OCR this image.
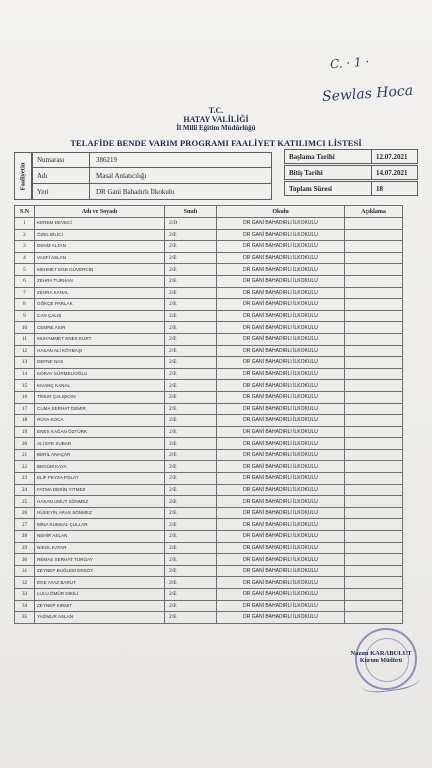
C. · 1 ·
Sewlas Hoca
T.C.
HATAY VALİLİĞİ
İl Milli Eğitim Müdürlüğü
TELAFİDE BENDE VARIM PROGRAMI FAALİYET KATILIMCI LİSTESİ
Faaliyetin
Numarası	386219
Adı	Masal Anlatıcılığı
Yeri	DR Gani Bahadırlı İlkokulu
Başlama Tarihi	12.07.2021
Bitiş Tarihi	14.07.2021
Toplam Süresi	18
S.N	Adı ve Soyadı	Sınıfı	Okulu	Açıklama
1	KEREM DEVECİ	2/D	DR GANİ BAHADIRLI İLKOKULU	
2	ÖZEL BİLİCİ	2/E	DR GANİ BAHADIRLI İLKOKULU	
3	DENİZ ALTAN	2/E	DR GANİ BAHADIRLI İLKOKULU	
4	VASFİ ASLAN	2/E	DR GANİ BAHADIRLI İLKOKULU	
5	MEHMET EGE GÜVERCİN	2/E	DR GANİ BAHADIRLI İLKOKULU	
6	ZEHRA TURHAN	2/E	DR GANİ BAHADIRLI İLKOKULU	
7	ZEHRA KANAL	2/E	DR GANİ BAHADIRLI İLKOKULU	
8	GÖKÇE PARLAK	2/E	DR GANİ BAHADIRLI İLKOKULU	
9	CAN ÇALIŞ	2/E	DR GANİ BAHADIRLI İLKOKULU	
10	CEMRE ASIR	2/E	DR GANİ BAHADIRLI İLKOKULU	
11	MUHAMMET ENES KURT	2/E	DR GANİ BAHADIRLI İLKOKULU	
12	HASAN ALİ KÖYBAŞI	2/E	DR GANİ BAHADIRLI İLKOKULU	
13	DEFNE NAS	2/E	DR GANİ BAHADIRLI İLKOKULU	
14	KORAY SÜRMELİOĞLU	2/E	DR GANİ BAHADIRLI İLKOKULU	
15	KIVANÇ KANAL	2/E	DR GANİ BAHADIRLI İLKOKULU	
16	TİMUR ÇALIŞKAN	2/E	DR GANİ BAHADIRLI İLKOKULU	
17	CUMA SERHAT DEMİR	2/E	DR GANİ BAHADIRLI İLKOKULU	
18	RÜYA KOCA	2/E	DR GANİ BAHADIRLI İLKOKULU	
19	ENES KAĞAN ÖZTÜRK	2/E	DR GANİ BAHADIRLI İLKOKULU	
20	ALİ EFE SUBAR	2/E	DR GANİ BAHADIRLI İLKOKULU	
21	BERİL ANAÇAR	2/E	DR GANİ BAHADIRLI İLKOKULU	
22	BEGÜM KAYA	2/E	DR GANİ BAHADIRLI İLKOKULU	
23	ELİF FEYZA POLAT	2/E	DR GANİ BAHADIRLI İLKOKULU	
24	FATMA DERİN YITMEZ	2/E	DR GANİ BAHADIRLI İLKOKULU	
25	HASAN UMUT SÖNMEZ	2/E	DR GANİ BAHADIRLI İLKOKULU	
26	HÜSEYİN ARAS SÖNMEZ	2/E	DR GANİ BAHADIRLI İLKOKULU	
27	MİNA KUMSAL ÇULLAR	2/E	DR GANİ BAHADIRLI İLKOKULU	
28	NEHİR ASLAN	2/E	DR GANİ BAHADIRLI İLKOKULU	
29	NİKOL KATAR	2/E	DR GANİ BAHADIRLI İLKOKULU	
30	REMAS SERHAT TURGAY	2/E	DR GANİ BAHADIRLI İLKOKULU	
31	ZEYNEP BUĞLEM ERSOY	2/E	DR GANİ BAHADIRLI İLKOKULU	
32	EGE AYAZ BARUT	2/E	DR GANİ BAHADIRLI İLKOKULU	
33	LULU ÖMÜR DİKİLİ	2/E	DR GANİ BAHADIRLI İLKOKULU	
34	ZEYNEP KIRMIT	2/E	DR GANİ BAHADIRLI İLKOKULU	
35	YAĞMUR ASLAN	2/E	DR GANİ BAHADIRLI İLKOKULU	
Nazım KARABULUT
Kurum Müdürü
